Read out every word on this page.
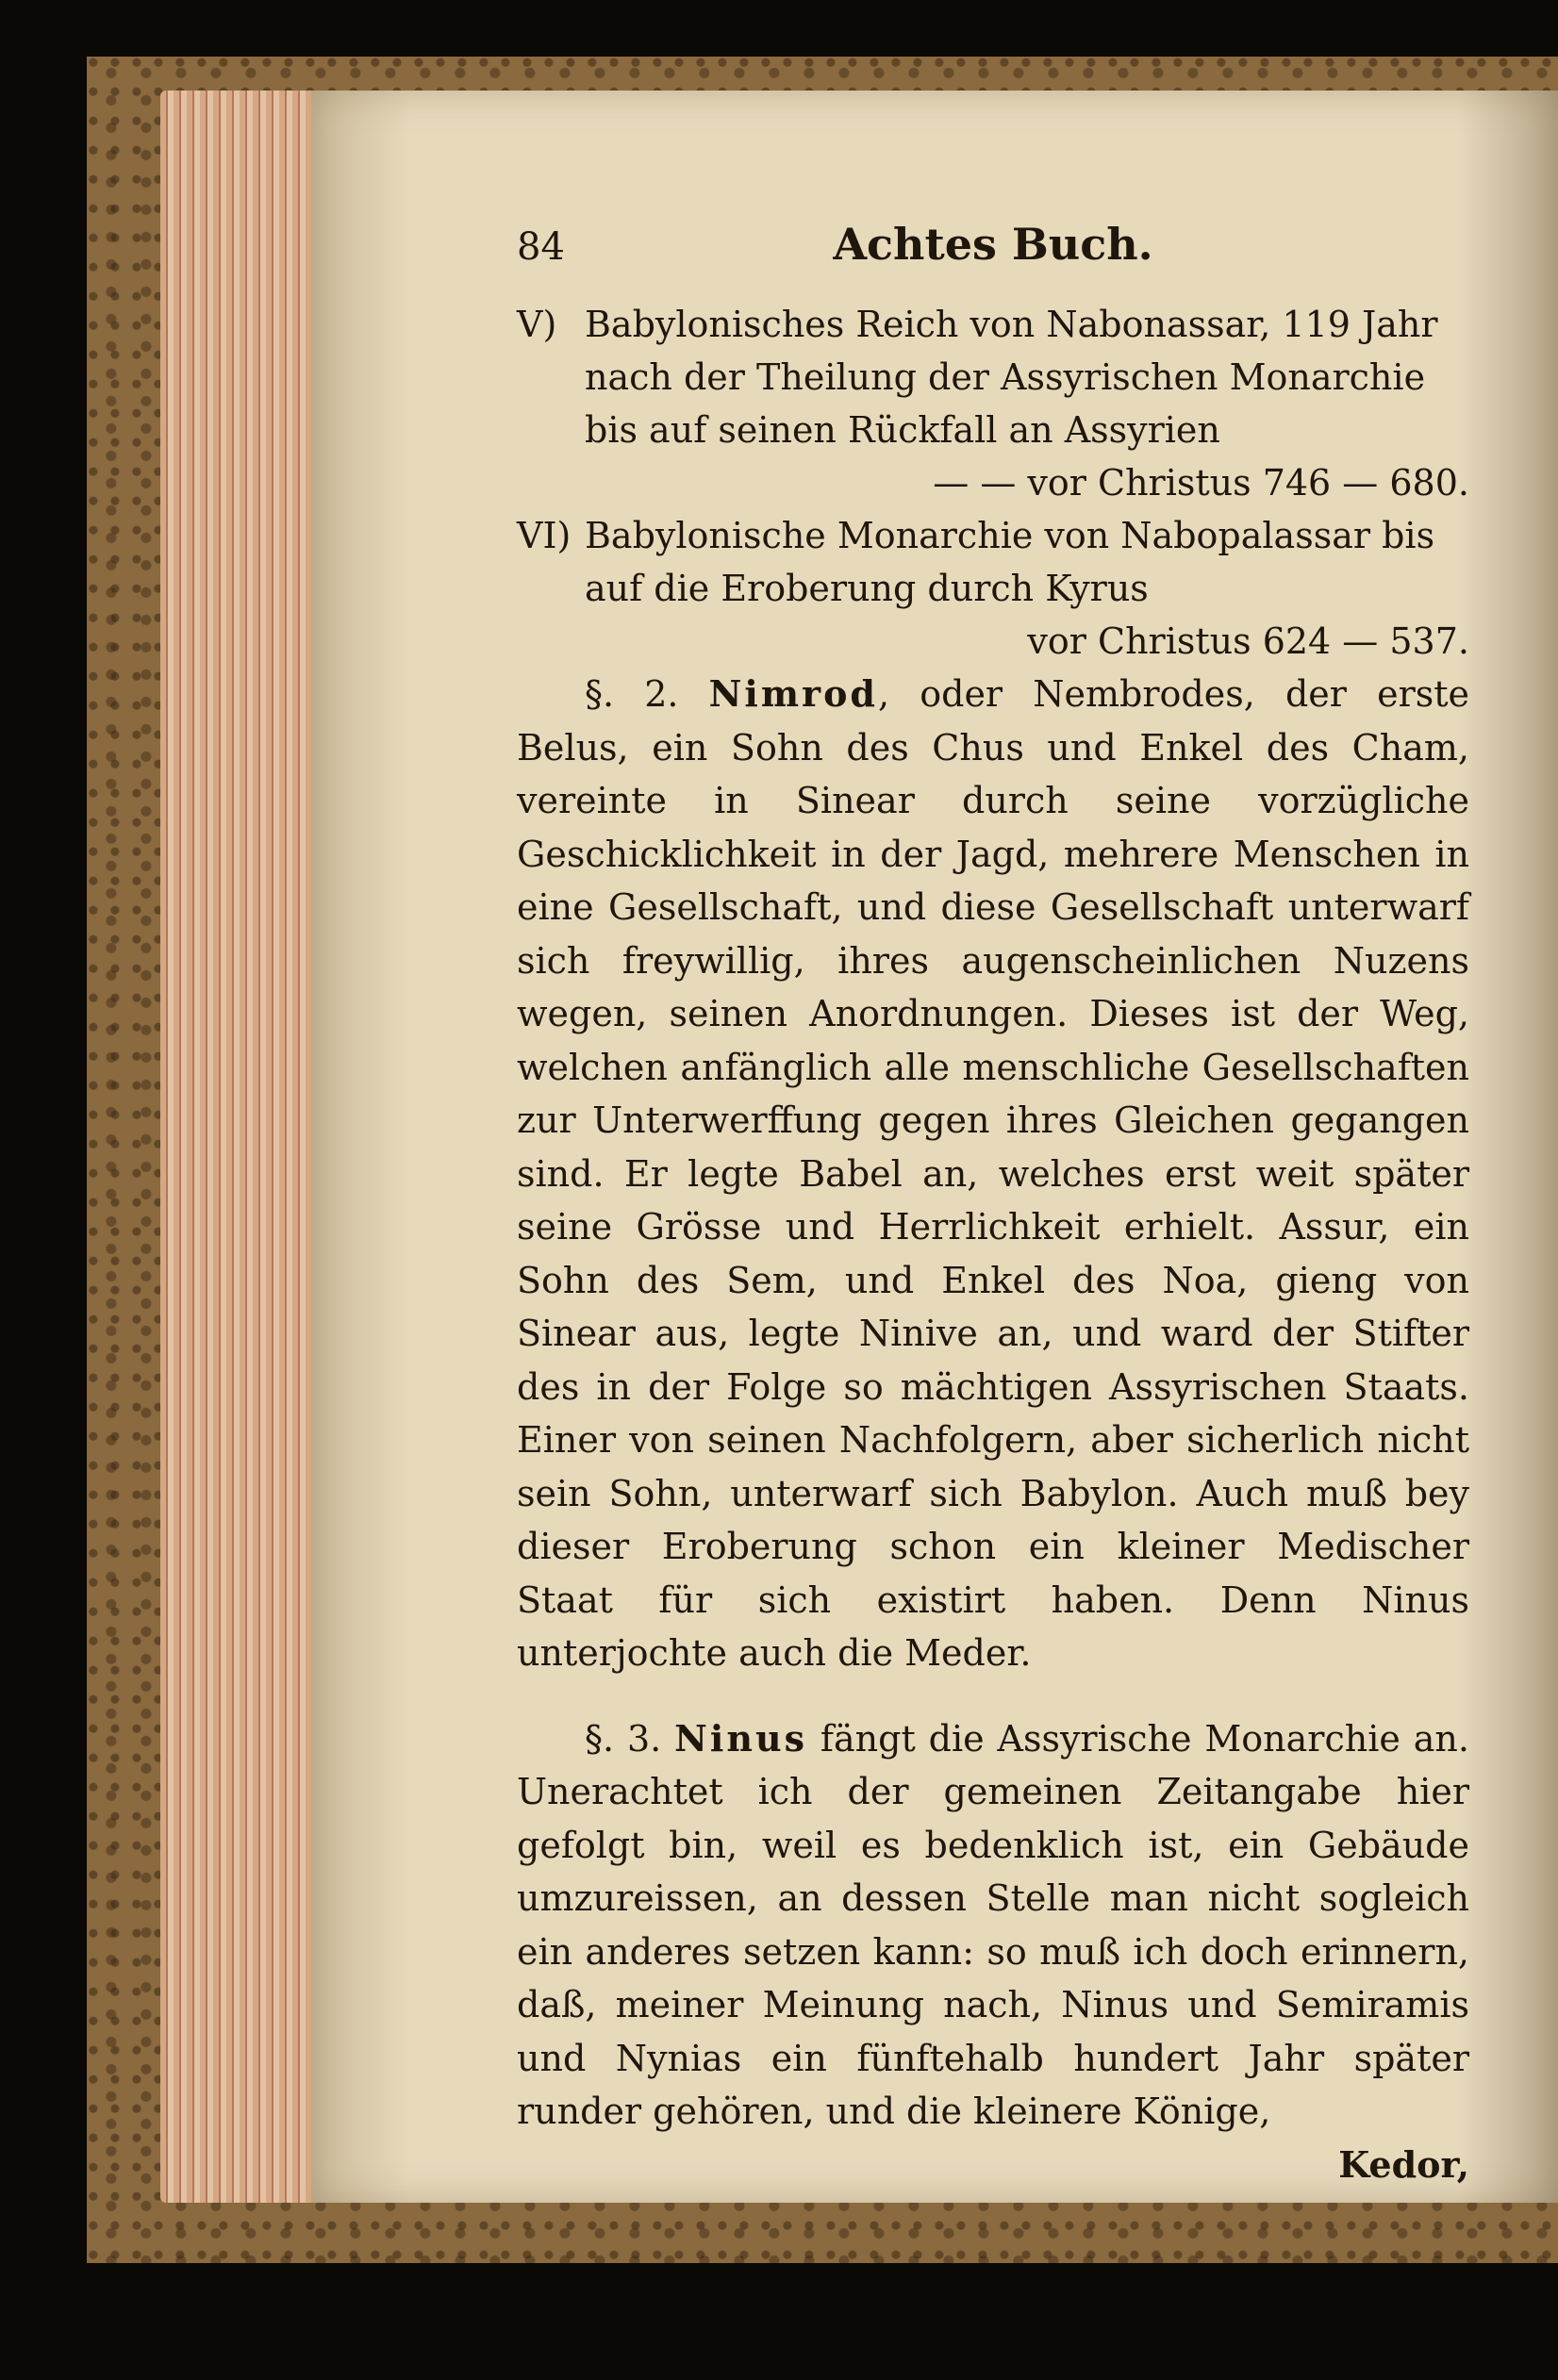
84	Achtes Buch.
V) Babylonisches Reich von Nabonassar, 119 Jahr nach der Theilung der Assyrischen Monarchie bis auf seinen Rückfall an Assyrien
— — vor Christus 746 — 680.
VI) Babylonische Monarchie von Nabopalassar bis auf die Eroberung durch Kyrus
vor Christus 624 — 537.

§. 2. Nimrod, oder Nembrodes, der erste Belus, ein Sohn des Chus und Enkel des Cham, vereinte in Sinear durch seine vorzügliche Geschicklichkeit in der Jagd, mehrere Menschen in eine Gesellschaft, und diese Gesellschaft unterwarf sich freywillig, ihres augenscheinlichen Nuzens wegen, seinen Anordnungen. Dieses ist der Weg, welchen anfänglich alle menschliche Gesellschaften zur Unterwerffung gegen ihres Gleichen gegangen sind. Er legte Babel an, welches erst weit später seine Grösse und Herrlichkeit erhielt. Assur, ein Sohn des Sem, und Enkel des Noa, gieng von Sinear aus, legte Ninive an, und ward der Stifter des in der Folge so mächtigen Assyrischen Staats. Einer von seinen Nachfolgern, aber sicherlich nicht sein Sohn, unterwarf sich Babylon. Auch muß bey dieser Eroberung schon ein kleiner Medischer Staat für sich existirt haben. Denn Ninus unterjochte auch die Meder.

§. 3. Ninus fängt die Assyrische Monarchie an. Unerachtet ich der gemeinen Zeitangabe hier gefolgt bin, weil es bedenklich ist, ein Gebäude umzureissen, an dessen Stelle man nicht sogleich ein anderes setzen kann: so muß ich doch erinnern, daß, meiner Meinung nach, Ninus und Semiramis und Nynias ein fünftehalb hundert Jahr später runder gehören, und die kleinere Könige,

Kedor,
